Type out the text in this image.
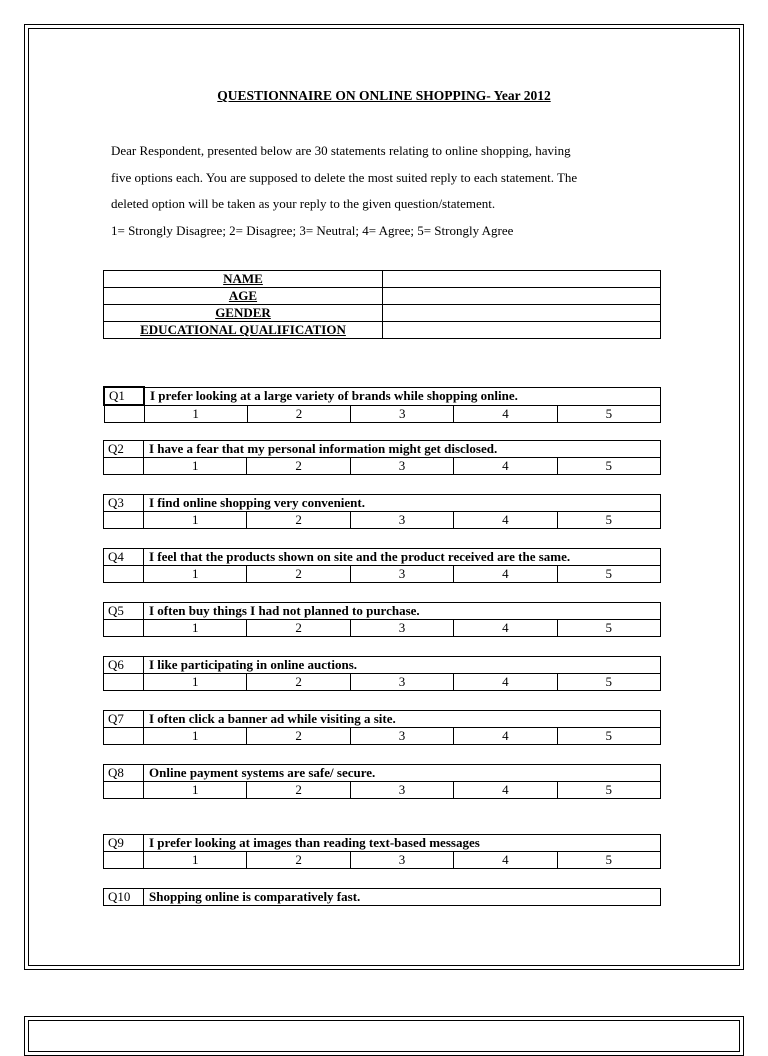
QUESTIONNAIRE ON ONLINE SHOPPING- Year 2012
Dear Respondent, presented below are 30 statements relating to online shopping, having
five options each. You are supposed to delete the most suited reply to each statement. The
deleted option will be taken as your reply to the given question/statement.
1= Strongly Disagree; 2= Disagree; 3= Neutral; 4= Agree; 5= Strongly Agree
NAME	
AGE	
GENDER	
EDUCATIONAL QUALIFICATION	
Q1	I prefer looking at a large variety of brands while shopping online.				
	1	2	3	4	5
Q2	I have a fear that my personal information might get disclosed.				
	1	2	3	4	5
Q3	I find online shopping very convenient.				
	1	2	3	4	5
Q4	I feel that the products shown on site and the product received are the same.				
	1	2	3	4	5
Q5	I often buy things I had not planned to purchase.				
	1	2	3	4	5
Q6	I like participating in online auctions.				
	1	2	3	4	5
Q7	I often click a banner ad while visiting a site.				
	1	2	3	4	5
Q8	Online payment systems are safe/ secure.				
	1	2	3	4	5
Q9	I prefer looking at images than reading text-based messages				
	1	2	3	4	5
Q10	Shopping online is comparatively fast.
